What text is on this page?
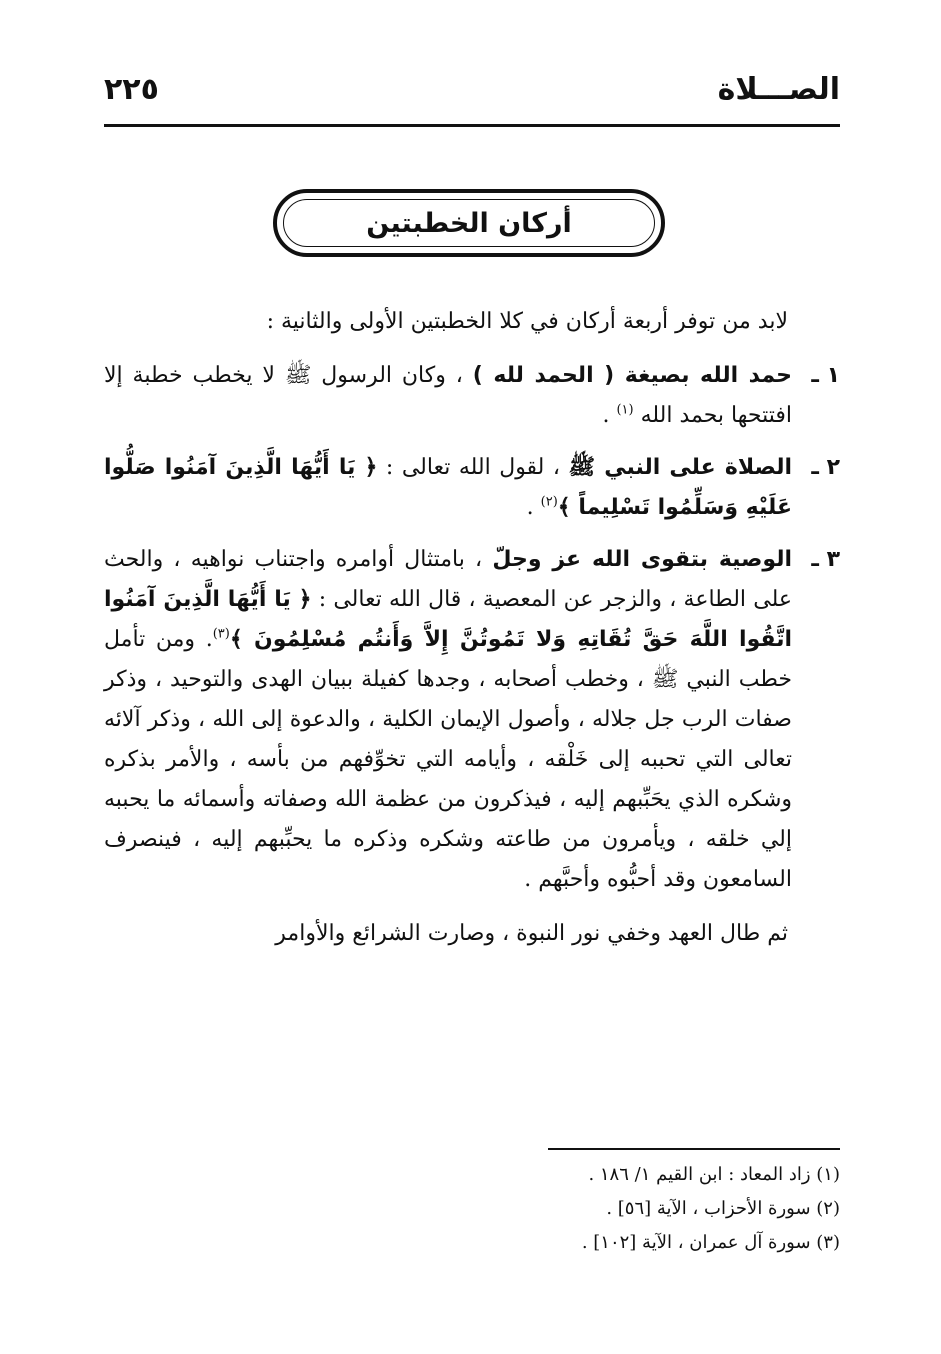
الصـــلاة
٢٢٥
أركان الخطبتين

لابد من توفر أربعة أركان في كلا الخطبتين الأولى والثانية :

١ ـ
حمد الله بصيغة ( الحمد لله ) ، وكان الرسول ﷺ لا يخطب خطبة إلا افتتحها بحمد الله $^{(١)}$ .

٢ ـ
الصلاة على النبي ﷺ ، لقول الله تعالى : ﴿ يَا أَيُّهَا الَّذِينَ آمَنُوا صَلُّوا عَلَيْهِ وَسَلِّمُوا تَسْلِيماً ﴾$^{(٢)}$ .

٣ ـ
الوصية بتقوى الله عز وجلّ ، بامتثال أوامره واجتناب نواهيه ، والحث على الطاعة ، والزجر عن المعصية ، قال الله تعالى : ﴿ يَا أَيُّهَا الَّذِينَ آمَنُوا اتَّقُوا اللَّهَ حَقَّ تُقَاتِهِ وَلا تَمُوتُنَّ إِلاَّ وَأَنتُم مُسْلِمُونَ ﴾$^{(٣)}$. ومن تأمل خطب النبي ﷺ ، وخطب أصحابه ، وجدها كفيلة ببيان الهدى والتوحيد ، وذكر صفات الرب جل جلاله ، وأصول الإيمان الكلية ، والدعوة إلى الله ، وذكر آلائه تعالى التي تحببه إلى خَلْقه ، وأيامه التي تخوِّفهم من بأسه ، والأمر بذكره وشكره الذي يحَبِّبهم إليه ، فيذكرون من عظمة الله وصفاته وأسمائه ما يحببه إلي خلقه ، ويأمرون من طاعته وشكره وذكره ما يحبِّبهم إليه ، فينصرف السامعون وقد أحبُّوه وأحبَّهم .

ثم طال العهد وخفي نور النبوة ، وصارت الشرائع والأوامر

(١) زاد المعاد : ابن القيم ١/ ١٨٦ .
(٢) سورة الأحزاب ، الآية [٥٦] .
(٣) سورة آل عمران ، الآية [١٠٢] .
